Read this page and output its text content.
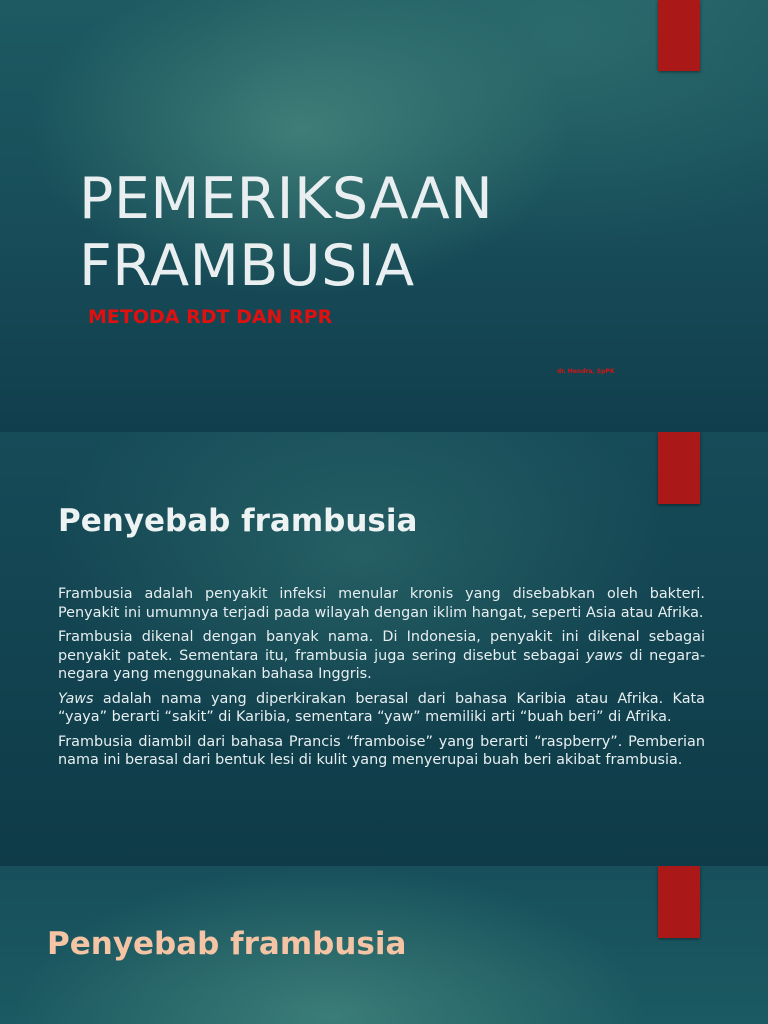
PEMERIKSAAN
FRAMBUSIA
METODA RDT DAN RPR
dr. Hendra, SpPK
Penyebab frambusia

Frambusia adalah penyakit infeksi menular kronis yang disebabkan oleh bakteri. Penyakit ini umumnya terjadi pada wilayah dengan iklim hangat, seperti Asia atau Afrika.

Frambusia dikenal dengan banyak nama. Di Indonesia, penyakit ini dikenal sebagai penyakit patek. Sementara itu, frambusia juga sering disebut sebagai yaws di negara-negara yang menggunakan bahasa Inggris.

Yaws adalah nama yang diperkirakan berasal dari bahasa Karibia atau Afrika. Kata “yaya” berarti “sakit” di Karibia, sementara “yaw” memiliki arti “buah beri” di Afrika.

Frambusia diambil dari bahasa Prancis “framboise” yang berarti “raspberry”. Pemberian nama ini berasal dari bentuk lesi di kulit yang menyerupai buah beri akibat frambusia.

Penyebab frambusia
